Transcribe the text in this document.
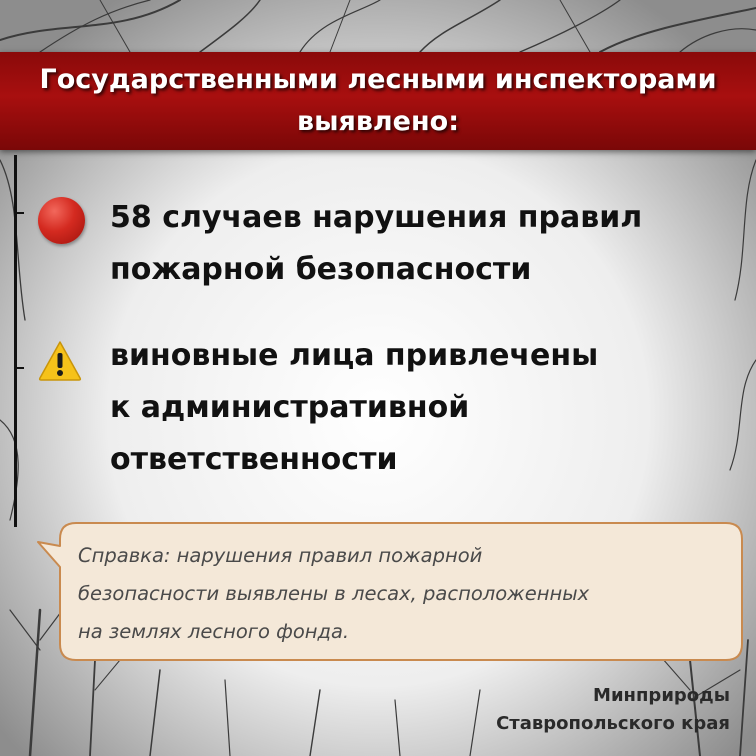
Государственными лесными инспекторами
выявлено:
58 случаев нарушения правил
пожарной безопасности
виновные лица привлечены
к административной
ответственности
Справка: нарушения правил пожарной
безопасности выявлены в лесах, расположенных
на землях лесного фонда.
Минприроды
Ставропольского края
